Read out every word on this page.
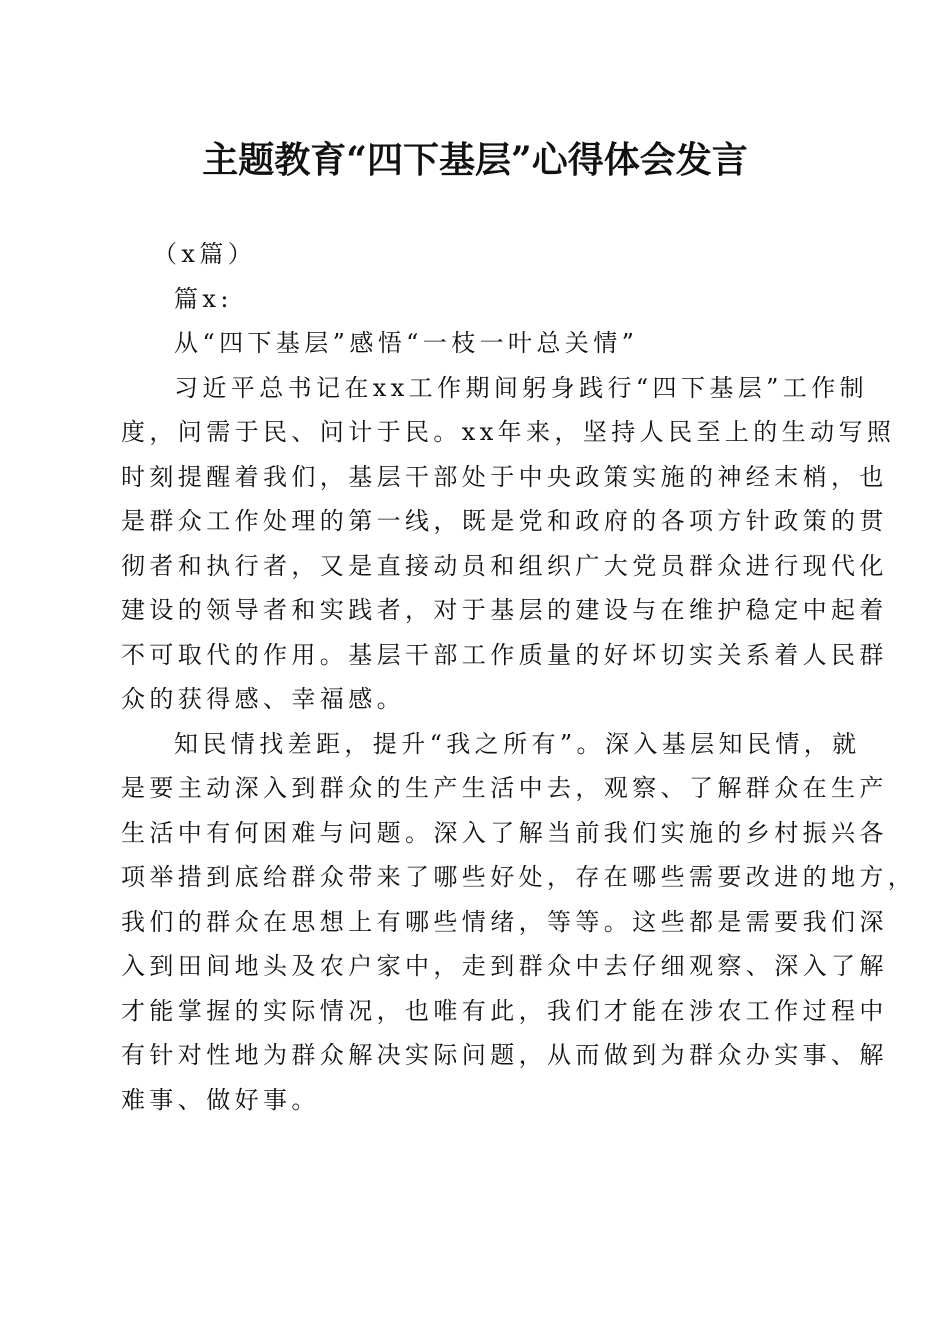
主题教育“四下基层”心得体会发言
（x篇）
篇x:
从“四下基层”感悟“一枝一叶总关情”
习近平总书记在xx工作期间躬身践行“四下基层”工作制
度，问需于民、问计于民。xx年来，坚持人民至上的生动写照
时刻提醒着我们，基层干部处于中央政策实施的神经末梢，也
是群众工作处理的第一线，既是党和政府的各项方针政策的贯
彻者和执行者，又是直接动员和组织广大党员群众进行现代化
建设的领导者和实践者，对于基层的建设与在维护稳定中起着
不可取代的作用。基层干部工作质量的好坏切实关系着人民群
众的获得感、幸福感。
知民情找差距，提升“我之所有”。深入基层知民情，就
是要主动深入到群众的生产生活中去，观察、了解群众在生产
生活中有何困难与问题。深入了解当前我们实施的乡村振兴各
项举措到底给群众带来了哪些好处，存在哪些需要改进的地方，
我们的群众在思想上有哪些情绪，等等。这些都是需要我们深
入到田间地头及农户家中，走到群众中去仔细观察、深入了解
才能掌握的实际情况，也唯有此，我们才能在涉农工作过程中
有针对性地为群众解决实际问题，从而做到为群众办实事、解
难事、做好事。
